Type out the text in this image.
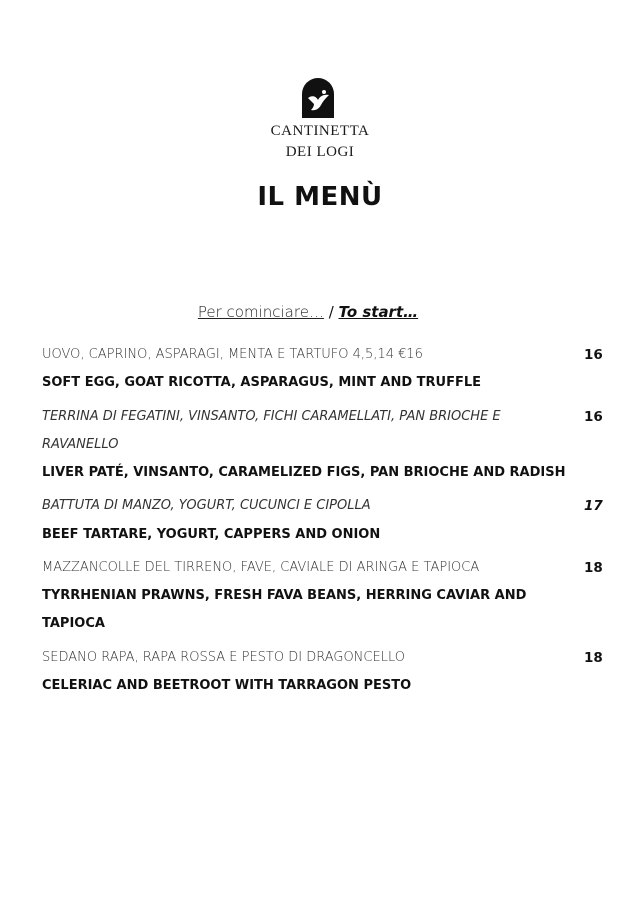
CANTINETTA
DEI LOGI
IL MENÙ
Per cominciare… / To start…
UOVO, CAPRINO, ASPARAGI, MENTA E TARTUFO 4,5,14 €16	16
SOFT EGG, GOAT RICOTTA, ASPARAGUS, MINT AND TRUFFLE
TERRINA DI FEGATINI, VINSANTO, FICHI CARAMELLATI, PAN BRIOCHE E	16
RAVANELLO
LIVER PATÉ, VINSANTO, CARAMELIZED FIGS, PAN BRIOCHE AND RADISH
BATTUTA DI MANZO, YOGURT, CUCUNCI E CIPOLLA	17
BEEF TARTARE, YOGURT, CAPPERS AND ONION
MAZZANCOLLE DEL TIRRENO, FAVE, CAVIALE DI ARINGA E TAPIOCA	18
TYRRHENIAN PRAWNS, FRESH FAVA BEANS, HERRING CAVIAR AND
TAPIOCA
SEDANO RAPA, RAPA ROSSA E PESTO DI DRAGONCELLO	18
CELERIAC AND BEETROOT WITH TARRAGON PESTO
